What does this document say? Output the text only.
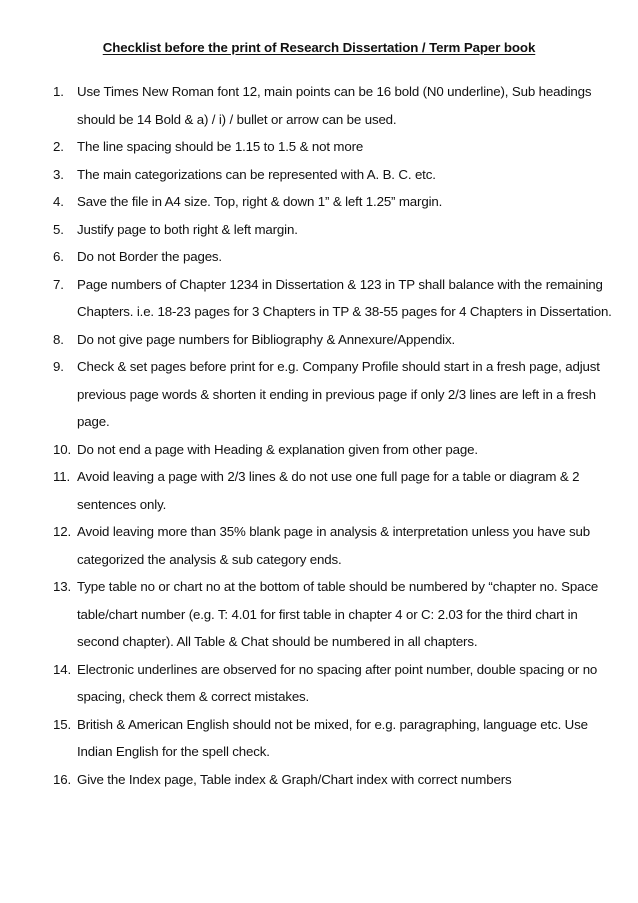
Checklist before the print of Research Dissertation / Term Paper book
1. Use Times New Roman font 12, main points can be 16 bold (N0 underline), Sub headings should be 14 Bold & a) / i) / bullet or arrow can be used.
2. The line spacing should be 1.15 to 1.5 & not more
3. The main categorizations can be represented with A. B. C. etc.
4. Save the file in A4 size. Top, right & down 1” & left 1.25” margin.
5. Justify page to both right & left margin.
6. Do not Border the pages.
7. Page numbers of Chapter 1234 in Dissertation & 123 in TP shall balance with the remaining Chapters. i.e. 18-23 pages for 3 Chapters in TP & 38-55 pages for 4 Chapters in Dissertation.
8. Do not give page numbers for Bibliography & Annexure/Appendix.
9. Check & set pages before print for e.g. Company Profile should start in a fresh page, adjust previous page words & shorten it ending in previous page if only 2/3 lines are left in a fresh page.
10. Do not end a page with Heading & explanation given from other page.
11. Avoid leaving a page with 2/3 lines & do not use one full page for a table or diagram & 2 sentences only.
12. Avoid leaving more than 35% blank page in analysis & interpretation unless you have sub categorized the analysis & sub category ends.
13. Type table no or chart no at the bottom of table should be numbered by “chapter no. Space table/chart number (e.g. T: 4.01 for first table in chapter 4 or C: 2.03 for the third chart in second chapter). All Table & Chat should be numbered in all chapters.
14. Electronic underlines are observed for no spacing after point number, double spacing or no spacing, check them & correct mistakes.
15. British & American English should not be mixed, for e.g. paragraphing, language etc. Use Indian English for the spell check.
16. Give the Index page, Table index & Graph/Chart index with correct numbers
